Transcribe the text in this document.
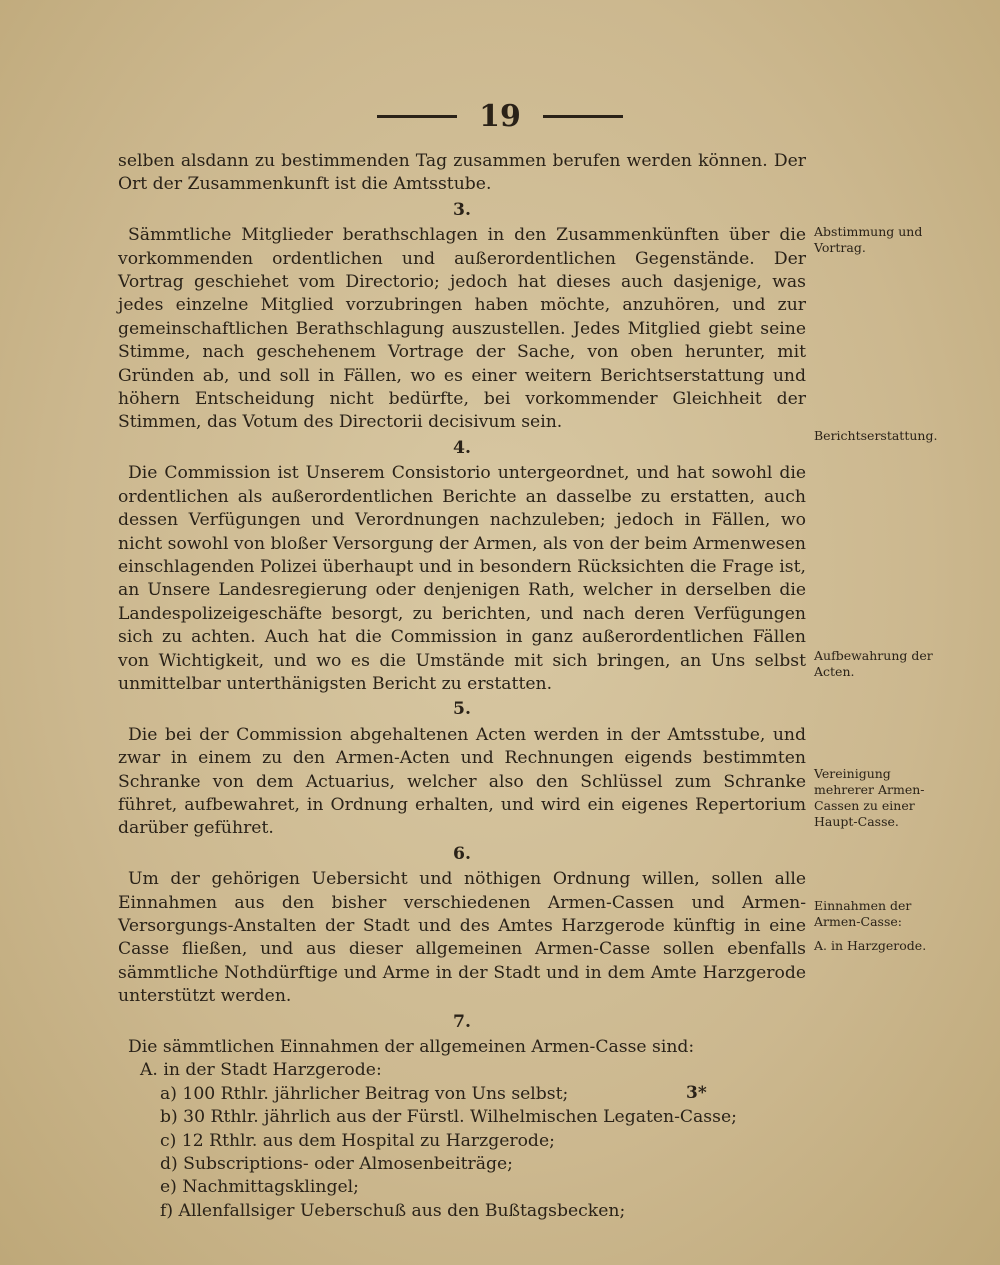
19

selben alsdann zu bestimmenden Tag zusammen berufen werden können. Der Ort der Zusammenkunft ist die Amtsstube.

3.

Sämmtliche Mitglieder berathschlagen in den Zusammenkünften über die vorkommenden ordentlichen und außerordentlichen Gegenstände. Der Vortrag geschiehet vom Directorio; jedoch hat dieses auch dasjenige, was jedes einzelne Mitglied vorzubringen haben möchte, anzuhören, und zur gemeinschaftlichen Berathschlagung auszustellen. Jedes Mitglied giebt seine Stimme, nach geschehenem Vortrage der Sache, von oben herunter, mit Gründen ab, und soll in Fällen, wo es einer weitern Berichtserstattung und höhern Entscheidung nicht bedürfte, bei vorkommender Gleichheit der Stimmen, das Votum des Directorii decisivum sein.

4.

Die Commission ist Unserem Consistorio untergeordnet, und hat sowohl die ordentlichen als außerordentlichen Berichte an dasselbe zu erstatten, auch dessen Verfügungen und Verordnungen nachzuleben; jedoch in Fällen, wo nicht sowohl von bloßer Versorgung der Armen, als von der beim Armenwesen einschlagenden Polizei überhaupt und in besondern Rücksichten die Frage ist, an Unsere Landesregierung oder denjenigen Rath, welcher in derselben die Landespolizeigeschäfte besorgt, zu berichten, und nach deren Verfügungen sich zu achten. Auch hat die Commission in ganz außerordentlichen Fällen von Wichtigkeit, und wo es die Umstände mit sich bringen, an Uns selbst unmittelbar unterthänigsten Bericht zu erstatten.

5.

Die bei der Commission abgehaltenen Acten werden in der Amtsstube, und zwar in einem zu den Armen-Acten und Rechnungen eigends bestimmten Schranke von dem Actuarius, welcher also den Schlüssel zum Schranke führet, aufbewahret, in Ordnung erhalten, und wird ein eigenes Repertorium darüber geführet.

6.

Um der gehörigen Uebersicht und nöthigen Ordnung willen, sollen alle Einnahmen aus den bisher verschiedenen Armen-Cassen und Armen-Versorgungs-Anstalten der Stadt und des Amtes Harzgerode künftig in eine Casse fließen, und aus dieser allgemeinen Armen-Casse sollen ebenfalls sämmtliche Nothdürftige und Arme in der Stadt und in dem Amte Harzgerode unterstützt werden.

7.

Die sämmtlichen Einnahmen der allgemeinen Armen-Casse sind:

A. in der Stadt Harzgerode:

a) 100 Rthlr. jährlicher Beitrag von Uns selbst;

b) 30 Rthlr. jährlich aus der Fürstl. Wilhelmischen Legaten-Casse;

c) 12 Rthlr. aus dem Hospital zu Harzgerode;

d) Subscriptions- oder Almosenbeiträge;

e) Nachmittagsklingel;

f) Allenfallsiger Ueberschuß aus den Bußtagsbecken;

Abstimmung und Vortrag.
Berichtserstattung.
Aufbewahrung der Acten.
Vereinigung mehrerer Armen-Cassen zu einer Haupt-Casse.
Einnahmen der Armen-Casse:
A. in Harzgerode.
3*
